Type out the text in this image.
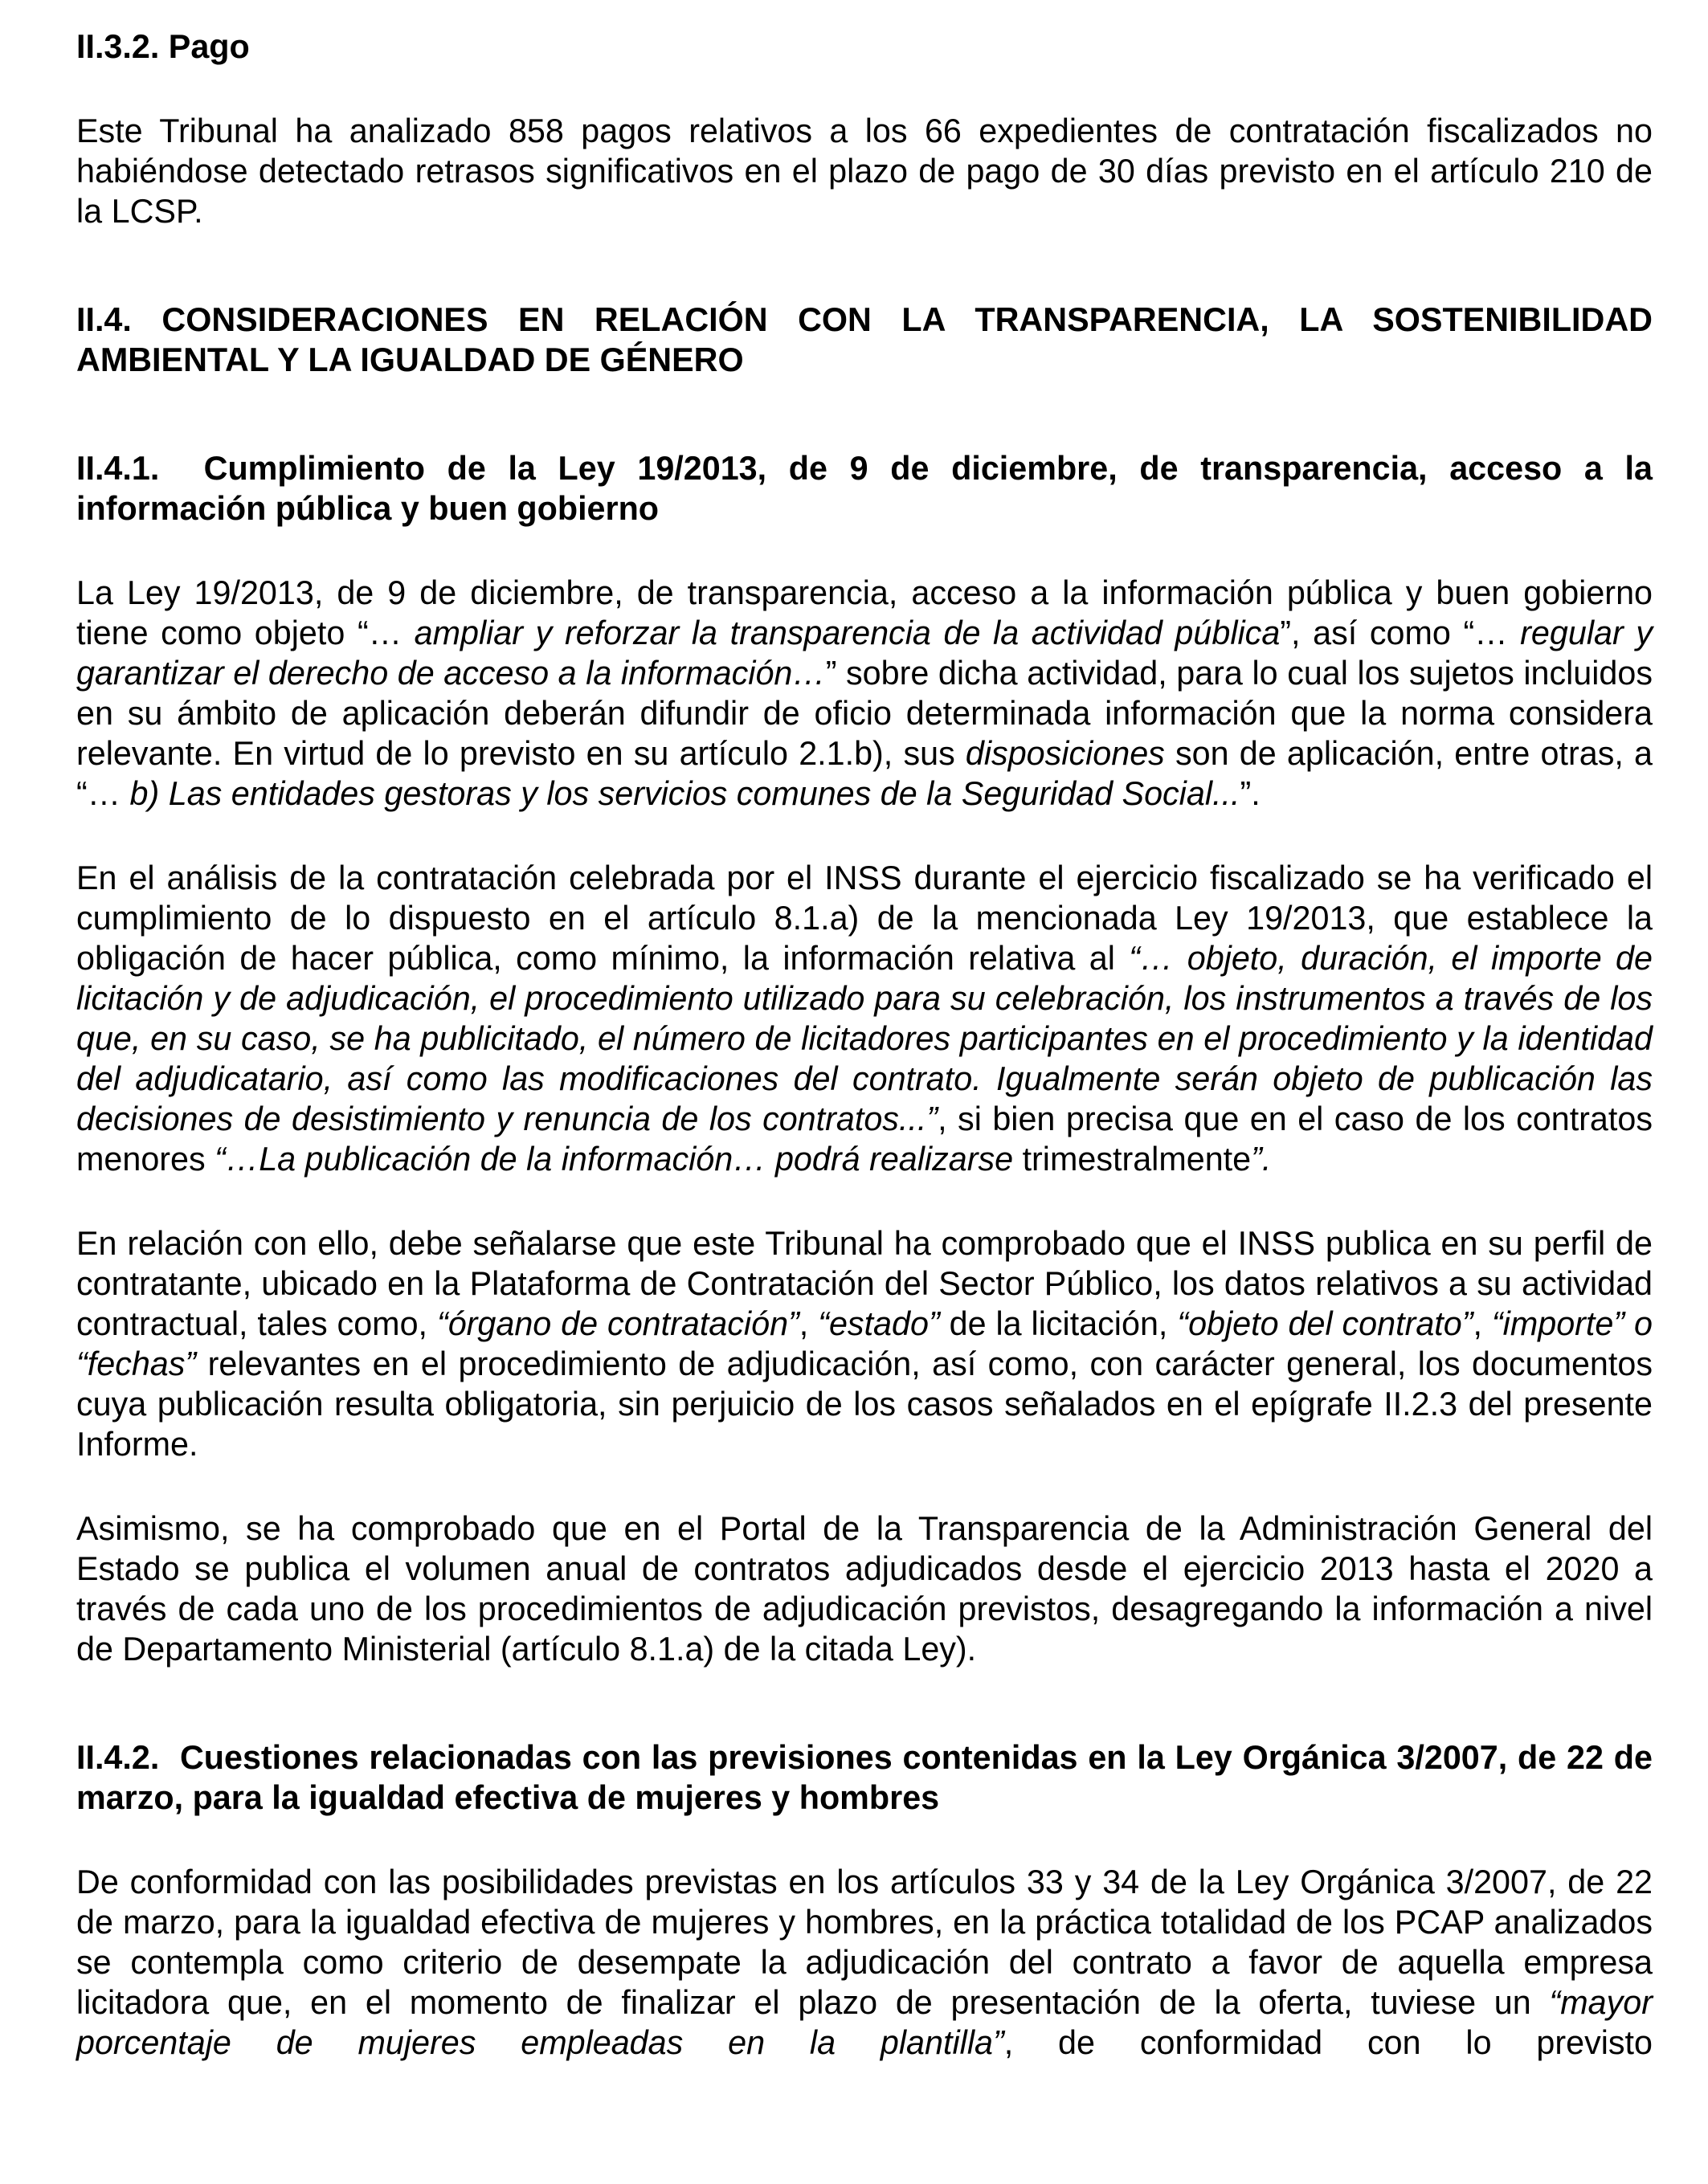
II.3.2. Pago

Este Tribunal ha analizado 858 pagos relativos a los 66 expedientes de contratación fiscalizados no habiéndose detectado retrasos significativos en el plazo de pago de 30 días previsto en el artículo 210 de la LCSP.

II.4. CONSIDERACIONES EN RELACIÓN CON LA TRANSPARENCIA, LA SOSTENIBILIDAD AMBIENTAL Y LA IGUALDAD DE GÉNERO

II.4.1.  Cumplimiento de la Ley 19/2013, de 9 de diciembre, de transparencia, acceso a la información pública y buen gobierno

La Ley 19/2013, de 9 de diciembre, de transparencia, acceso a la información pública y buen gobierno tiene como objeto “… ampliar y reforzar la transparencia de la actividad pública”, así como “… regular y garantizar el derecho de acceso a la información…” sobre dicha actividad, para lo cual los sujetos incluidos en su ámbito de aplicación deberán difundir de oficio determinada información que la norma considera relevante. En virtud de lo previsto en su artículo 2.1.b), sus disposiciones son de aplicación, entre otras, a “… b) Las entidades gestoras y los servicios comunes de la Seguridad Social...”.

En el análisis de la contratación celebrada por el INSS durante el ejercicio fiscalizado se ha verificado el cumplimiento de lo dispuesto en el artículo 8.1.a) de la mencionada Ley 19/2013, que establece la obligación de hacer pública, como mínimo, la información relativa al “… objeto, duración, el importe de licitación y de adjudicación, el procedimiento utilizado para su celebración, los instrumentos a través de los que, en su caso, se ha publicitado, el número de licitadores participantes en el procedimiento y la identidad del adjudicatario, así como las modificaciones del contrato. Igualmente serán objeto de publicación las decisiones de desistimiento y renuncia de los contratos...”, si bien precisa que en el caso de los contratos menores “…La publicación de la información… podrá realizarse trimestralmente”.

En relación con ello, debe señalarse que este Tribunal ha comprobado que el INSS publica en su perfil de contratante, ubicado en la Plataforma de Contratación del Sector Público, los datos relativos a su actividad contractual, tales como, “órgano de contratación”, “estado” de la licitación, “objeto del contrato”, “importe” o “fechas” relevantes en el procedimiento de adjudicación, así como, con carácter general, los documentos cuya publicación resulta obligatoria, sin perjuicio de los casos señalados en el epígrafe II.2.3 del presente Informe.

Asimismo, se ha comprobado que en el Portal de la Transparencia de la Administración General del Estado se publica el volumen anual de contratos adjudicados desde el ejercicio 2013 hasta el 2020 a través de cada uno de los procedimientos de adjudicación previstos, desagregando la información a nivel de Departamento Ministerial (artículo 8.1.a) de la citada Ley).

II.4.2.  Cuestiones relacionadas con las previsiones contenidas en la Ley Orgánica 3/2007, de 22 de marzo, para la igualdad efectiva de mujeres y hombres

De conformidad con las posibilidades previstas en los artículos 33 y 34 de la Ley Orgánica 3/2007, de 22 de marzo, para la igualdad efectiva de mujeres y hombres, en la práctica totalidad de los PCAP analizados se contempla como criterio de desempate la adjudicación del contrato a favor de aquella empresa licitadora que, en el momento de finalizar el plazo de presentación de la oferta, tuviese un “mayor porcentaje de mujeres empleadas en la plantilla”, de conformidad con lo previsto
